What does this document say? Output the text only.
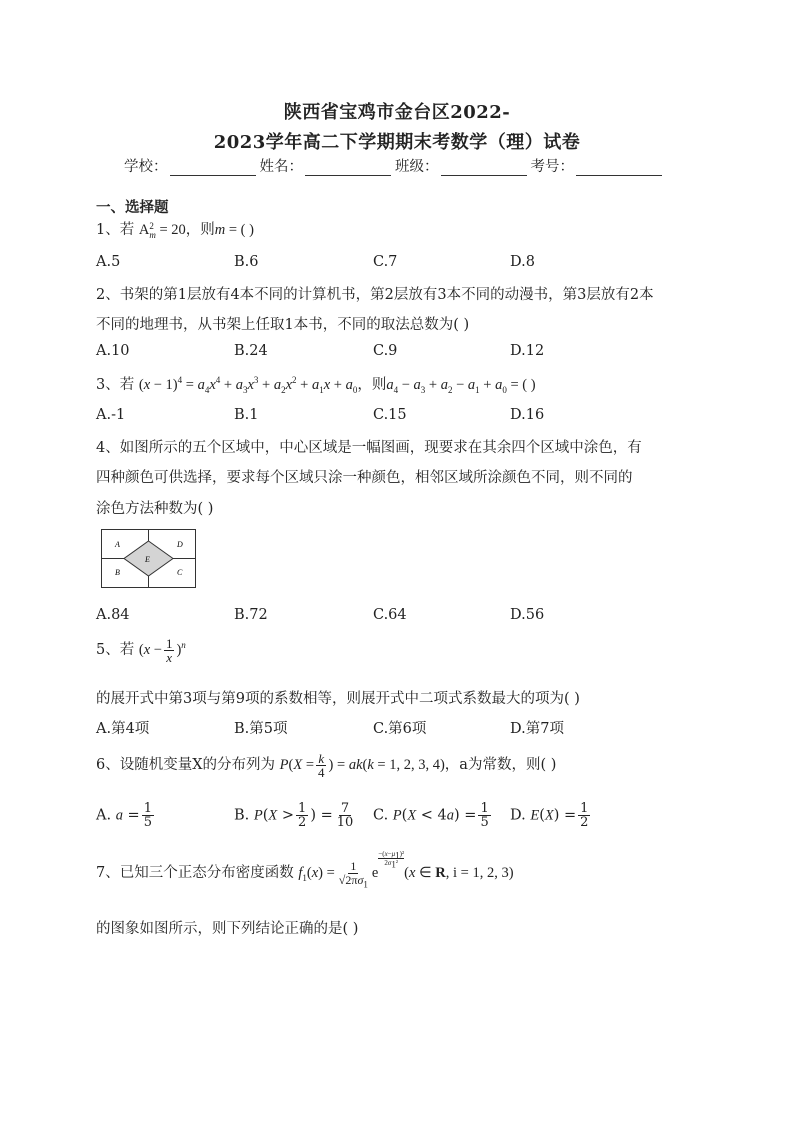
陕西省宝鸡市金台区2022-
2023学年高二下学期期末考数学（理）试卷
学校：	姓名：	班级：	考号：
一、选择题
1、若 A 2
m = 20，则m = ( )
A.5	B.6	C.7	D.8
2、书架的第1层放有4本不同的计算机书，第2层放有3本不同的动漫书，第3层放有2本
不同的地理书，从书架上任取1本书，不同的取法总数为( )
A.10	B.24	C.9	D.12
3、若 $(x - 1)^4 = a_4x^4 + a_3x^3 + a_2x^2 + a_1x + a_0$，则$a_4 - a_3 + a_2 - a_1 + a_0$ = ( )
A.-1	B.1	C.15	D.16
4、如图所示的五个区域中，中心区域是一幅图画，现要求在其余四个区域中涂色，有
四种颜色可供选择，要求每个区域只涂一种颜色，相邻区域所涂颜色不同，则不同的
涂色方法种数为( )
A	D
E
B	C
A.84	B.72	C.64	D.56
5、若 $(x - \frac{1}{x} )^n$
的展开式中第3项与第9项的系数相等，则展开式中二项式系数最大的项为( )
A.第4项	B.第5项	C.第6项	D.第7项
6、设随机变量X的分布列为 $P(X = \frac{k}{4}$ ) = ak(k = 1, 2, 3, 4)，a为常数，则( )
A. $a = \frac{1}{5}$	B. $P(X > \frac{1}{2}$ ) = $\frac{7}{10} C$. $P(X < 4a) = \frac{1}{5} D$. $E(X) = \frac{1}{2}$
7、已知三个正态分布密度函数 $f_1(x) = \frac{1}{√2\pi\sigma_1}$ e
$\frac{-(x-\mu_1)^2}{2\sigma_1^2}$
(x ∈ R, i = 1, 2, 3)
的图象如图所示，则下列结论正确的是( )
